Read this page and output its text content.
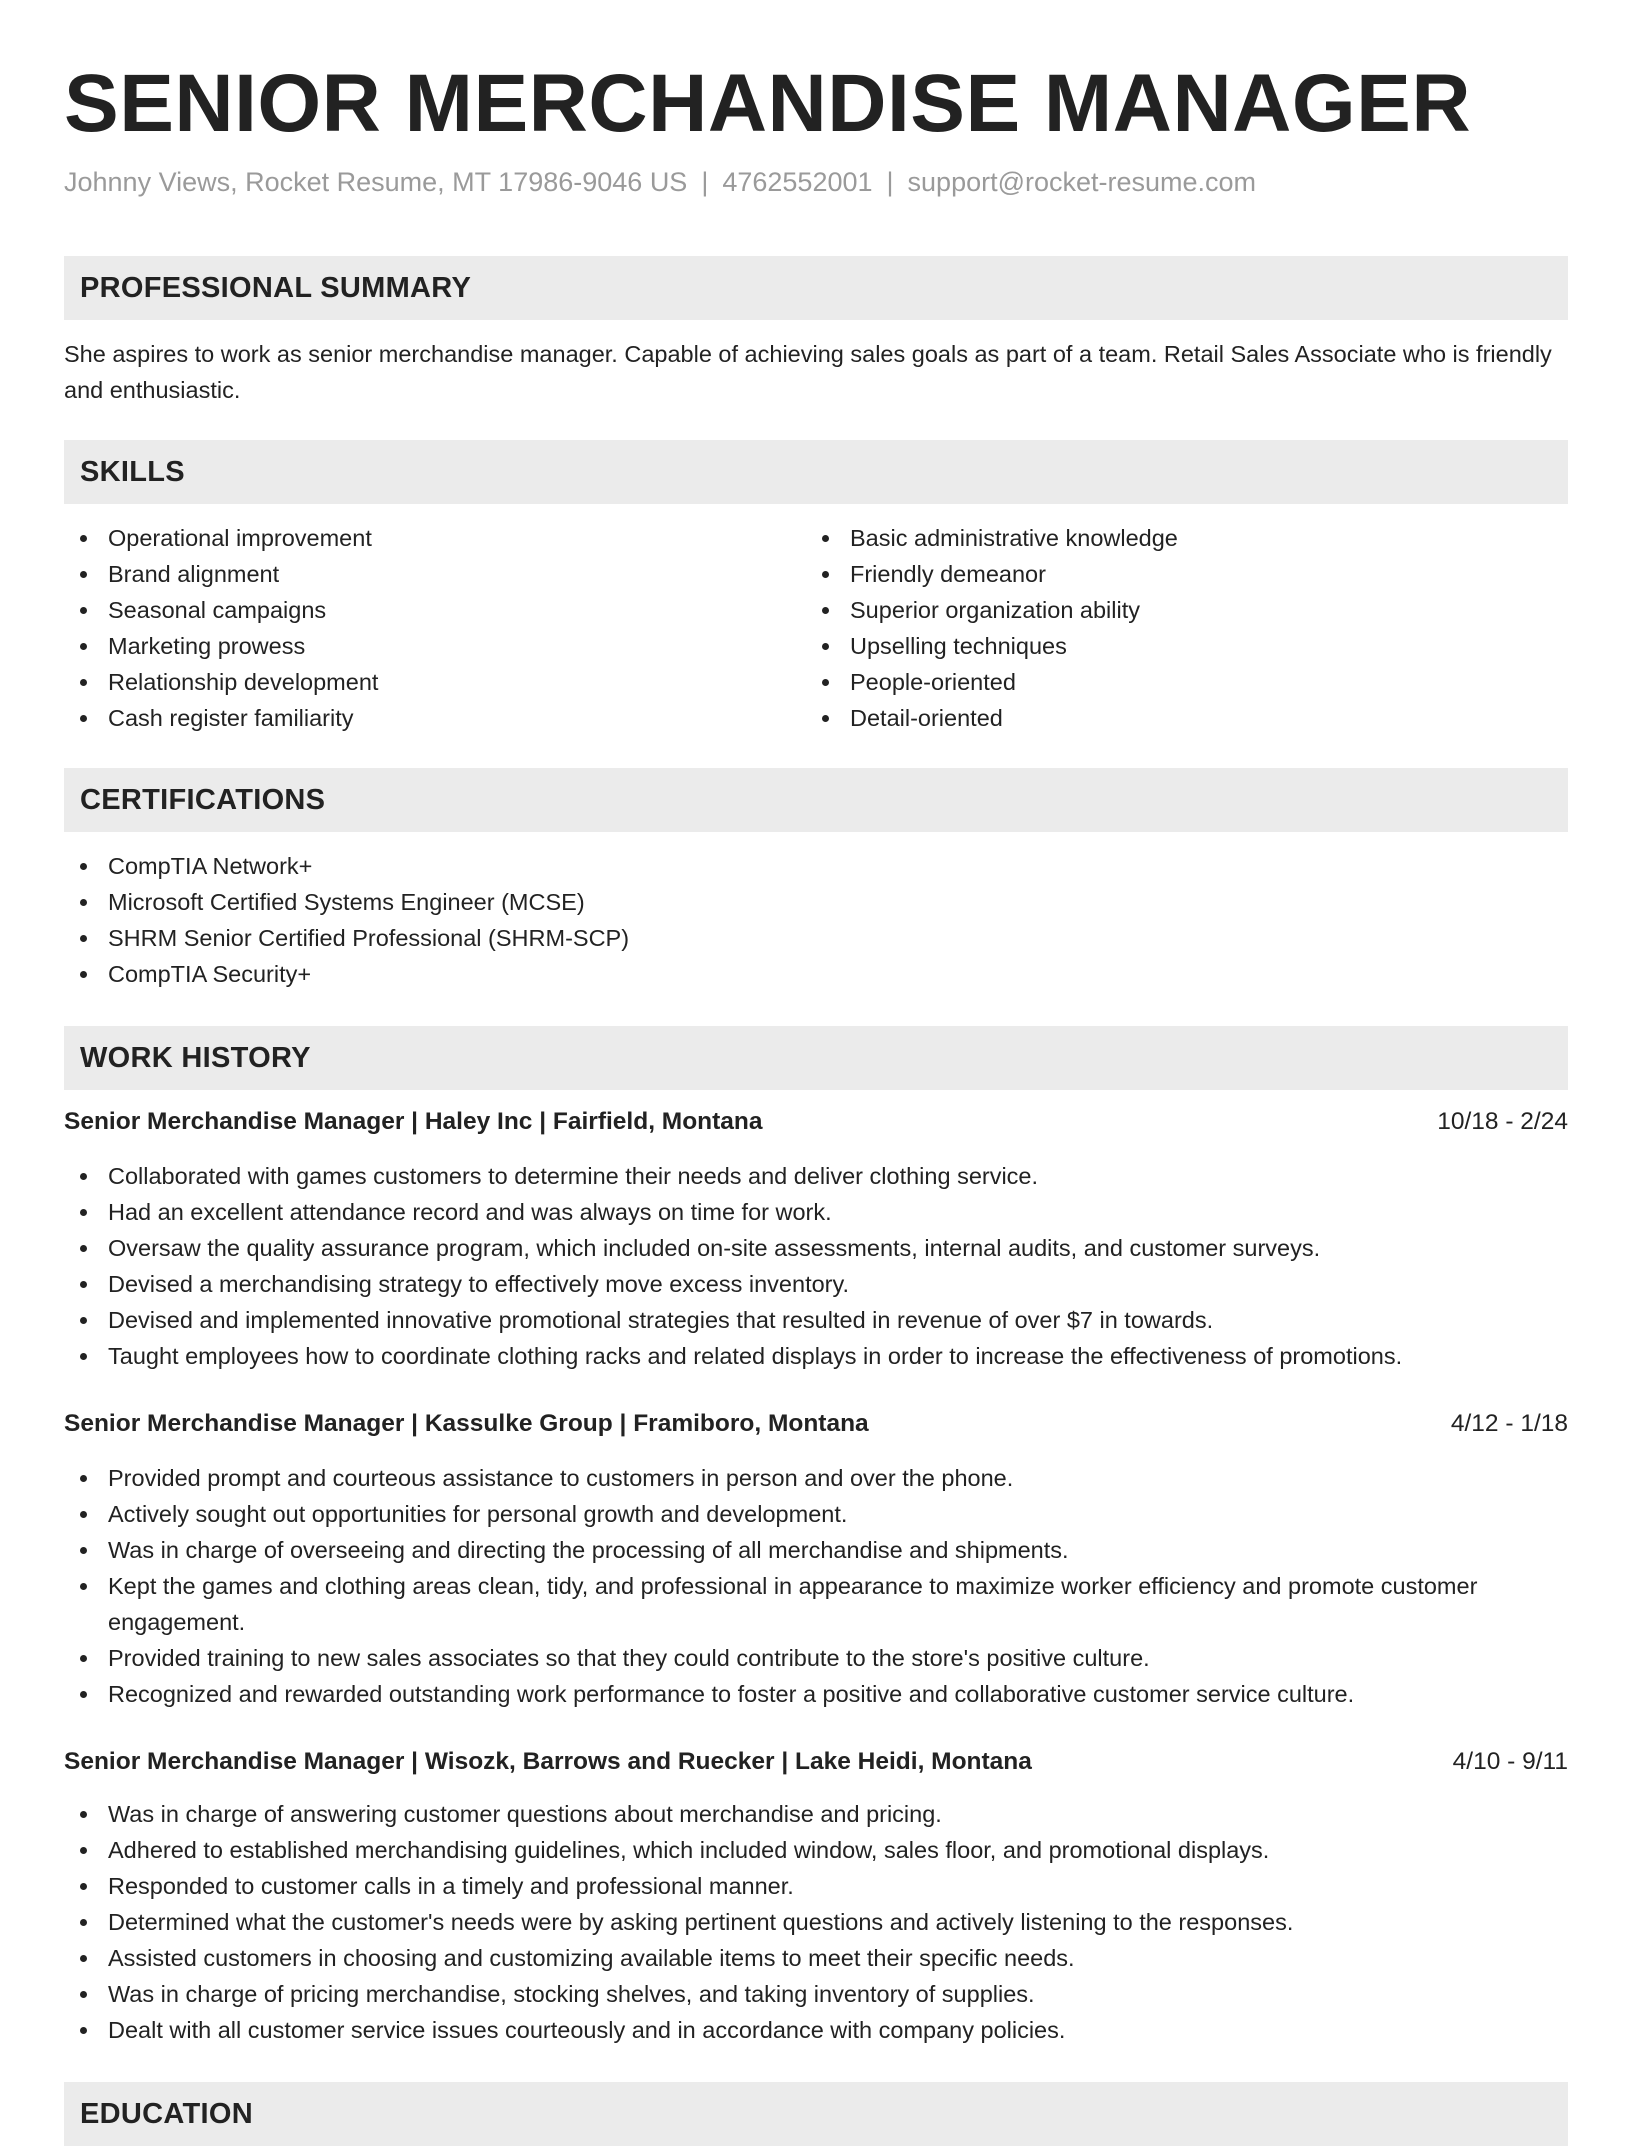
SENIOR MERCHANDISE MANAGER
Johnny Views, Rocket Resume, MT 17986-9046 US | 4762552001 | support@rocket-resume.com
PROFESSIONAL SUMMARY

She aspires to work as senior merchandise manager. Capable of achieving sales goals as part of a team. Retail Sales Associate who is friendly and enthusiastic.

SKILLS
Operational improvement
Brand alignment
Seasonal campaigns
Marketing prowess
Relationship development
Cash register familiarity
Basic administrative knowledge
Friendly demeanor
Superior organization ability
Upselling techniques
People-oriented
Detail-oriented
CERTIFICATIONS
CompTIA Network+
Microsoft Certified Systems Engineer (MCSE)
SHRM Senior Certified Professional (SHRM-SCP)
CompTIA Security+
WORK HISTORY
Senior Merchandise Manager | Haley Inc | Fairfield, Montana	10/18 - 2/24
Collaborated with games customers to determine their needs and deliver clothing service.
Had an excellent attendance record and was always on time for work.
Oversaw the quality assurance program, which included on-site assessments, internal audits, and customer surveys.
Devised a merchandising strategy to effectively move excess inventory.
Devised and implemented innovative promotional strategies that resulted in revenue of over $7 in towards.
Taught employees how to coordinate clothing racks and related displays in order to increase the effectiveness of promotions.
Senior Merchandise Manager | Kassulke Group | Framiboro, Montana	4/12 - 1/18
Provided prompt and courteous assistance to customers in person and over the phone.
Actively sought out opportunities for personal growth and development.
Was in charge of overseeing and directing the processing of all merchandise and shipments.
Kept the games and clothing areas clean, tidy, and professional in appearance to maximize worker efficiency and promote customer engagement.
Provided training to new sales associates so that they could contribute to the store's positive culture.
Recognized and rewarded outstanding work performance to foster a positive and collaborative customer service culture.
Senior Merchandise Manager | Wisozk, Barrows and Ruecker | Lake Heidi, Montana	4/10 - 9/11
Was in charge of answering customer questions about merchandise and pricing.
Adhered to established merchandising guidelines, which included window, sales floor, and promotional displays.
Responded to customer calls in a timely and professional manner.
Determined what the customer's needs were by asking pertinent questions and actively listening to the responses.
Assisted customers in choosing and customizing available items to meet their specific needs.
Was in charge of pricing merchandise, stocking shelves, and taking inventory of supplies.
Dealt with all customer service issues courteously and in accordance with company policies.
EDUCATION
